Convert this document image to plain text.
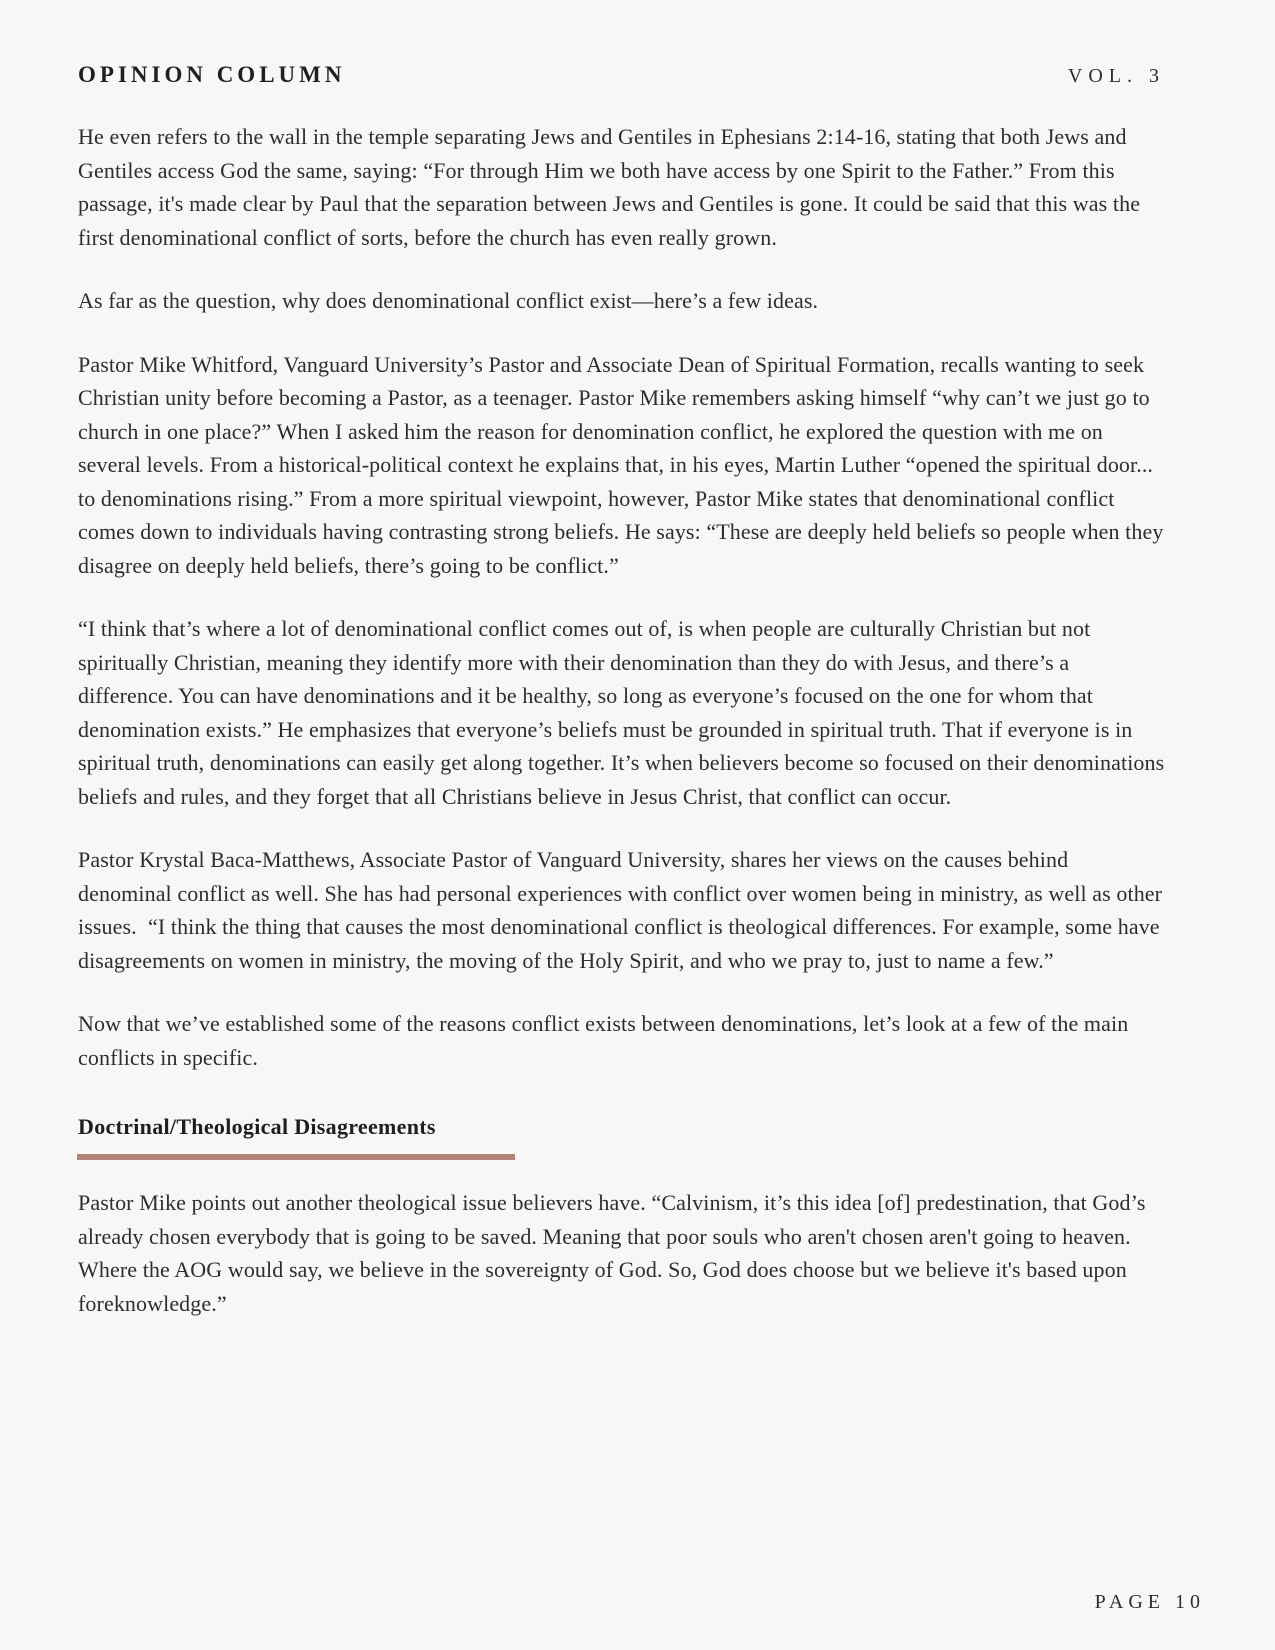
OPINION COLUMN	VOL. 3

He even refers to the wall in the temple separating Jews and Gentiles in Ephesians 2:14-16, stating that both Jews and Gentiles access God the same, saying: “For through Him we both have access by one Spirit to the Father.” From this passage, it's made clear by Paul that the separation between Jews and Gentiles is gone. It could be said that this was the first denominational conflict of sorts, before the church has even really grown.

As far as the question, why does denominational conflict exist—here’s a few ideas.

Pastor Mike Whitford, Vanguard University’s Pastor and Associate Dean of Spiritual Formation, recalls wanting to seek Christian unity before becoming a Pastor, as a teenager. Pastor Mike remembers asking himself “why can’t we just go to church in one place?” When I asked him the reason for denomination conflict, he explored the question with me on several levels. From a historical-political context he explains that, in his eyes, Martin Luther “opened the spiritual door... to denominations rising.” From a more spiritual viewpoint, however, Pastor Mike states that denominational conflict comes down to individuals having contrasting strong beliefs. He says: “These are deeply held beliefs so people when they disagree on deeply held beliefs, there’s going to be conflict.”

“I think that’s where a lot of denominational conflict comes out of, is when people are culturally Christian but not spiritually Christian, meaning they identify more with their denomination than they do with Jesus, and there’s a difference. You can have denominations and it be healthy, so long as everyone’s focused on the one for whom that denomination exists.” He emphasizes that everyone’s beliefs must be grounded in spiritual truth. That if everyone is in spiritual truth, denominations can easily get along together. It’s when believers become so focused on their denominations beliefs and rules, and they forget that all Christians believe in Jesus Christ, that conflict can occur.

Pastor Krystal Baca-Matthews, Associate Pastor of Vanguard University, shares her views on the causes behind denominal conflict as well. She has had personal experiences with conflict over women being in ministry, as well as other issues.  “I think the thing that causes the most denominational conflict is theological differences. For example, some have disagreements on women in ministry, the moving of the Holy Spirit, and who we pray to, just to name a few.”

Now that we’ve established some of the reasons conflict exists between denominations, let’s look at a few of the main conflicts in specific.

Doctrinal/Theological Disagreements

Pastor Mike points out another theological issue believers have. “Calvinism, it’s this idea [of] predestination, that God’s already chosen everybody that is going to be saved. Meaning that poor souls who aren't chosen aren't going to heaven. Where the AOG would say, we believe in the sovereignty of God. So, God does choose but we believe it's based upon foreknowledge.”

PAGE 10
